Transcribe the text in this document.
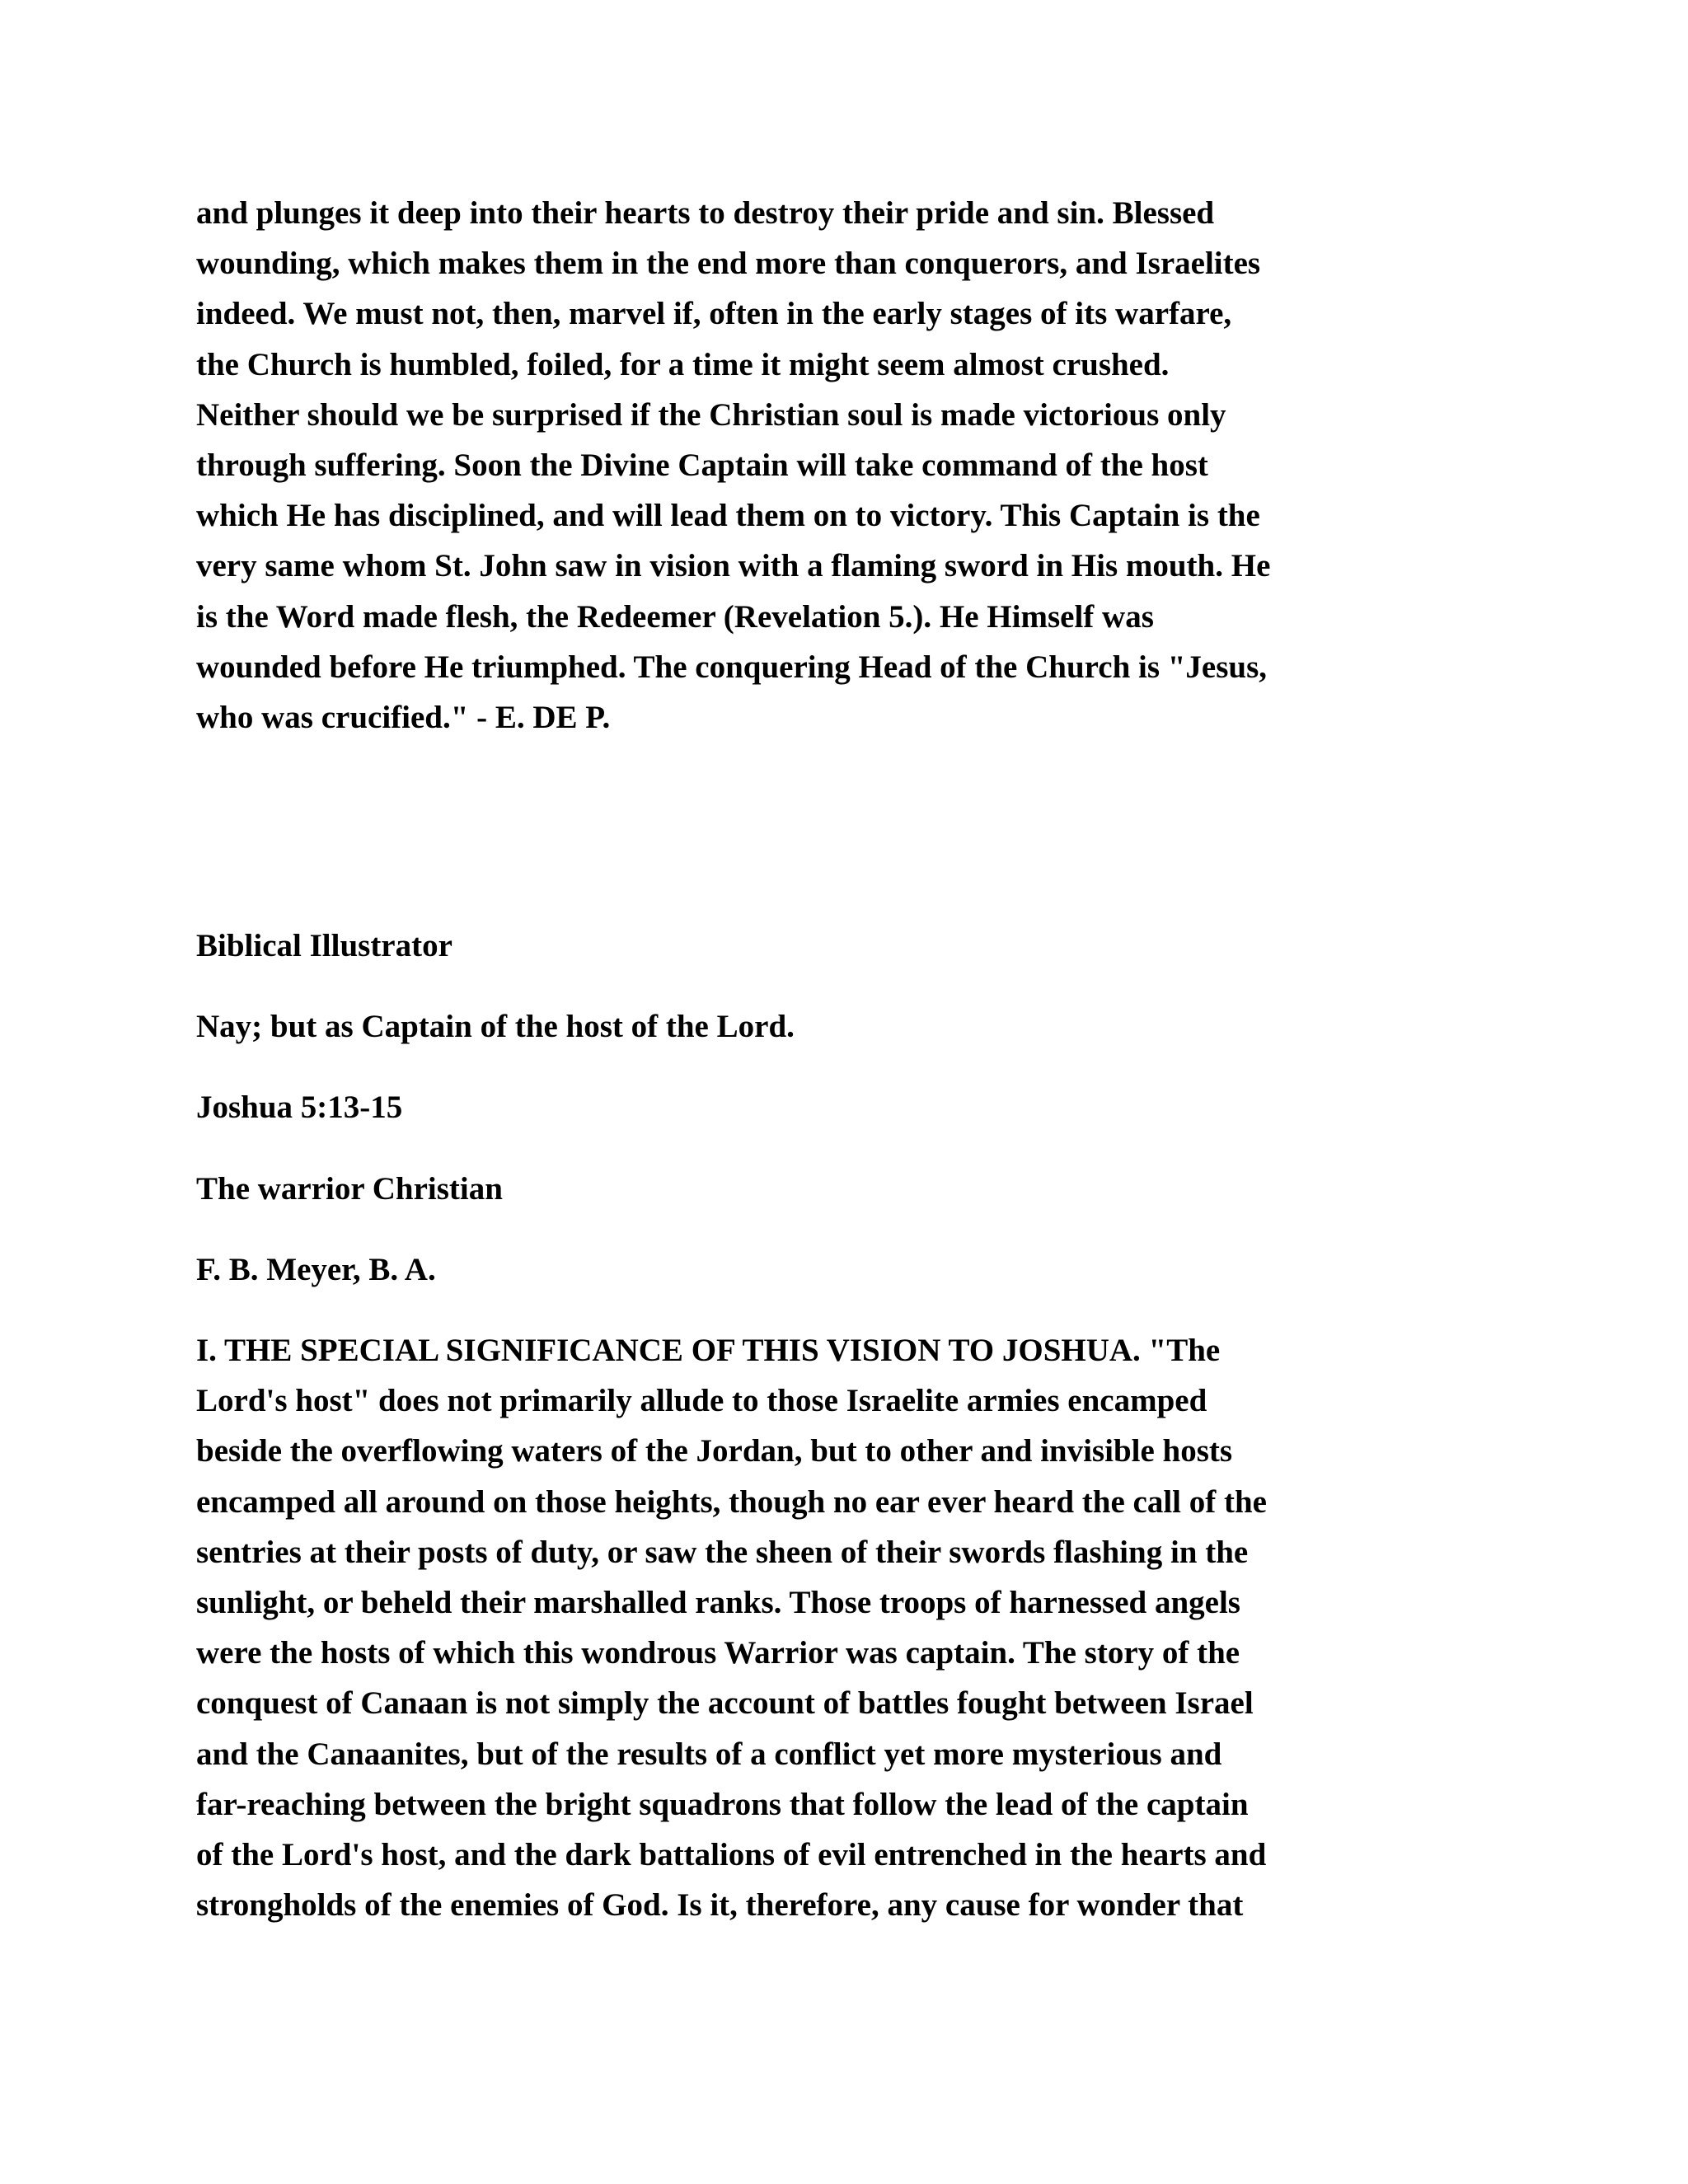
and plunges it deep into their hearts to destroy their pride and sin. Blessed
wounding, which makes them in the end more than conquerors, and Israelites
indeed. We must not, then, marvel if, often in the early stages of its warfare,
the Church is humbled, foiled, for a time it might seem almost crushed.
Neither should we be surprised if the Christian soul is made victorious only
through suffering. Soon the Divine Captain will take command of the host
which He has disciplined, and will lead them on to victory. This Captain is the
very same whom St. John saw in vision with a flaming sword in His mouth. He
is the Word made flesh, the Redeemer (Revelation 5.). He Himself was
wounded before He triumphed. The conquering Head of the Church is "Jesus,
who was crucified." - E. DE P.

Biblical Illustrator

Nay; but as Captain of the host of the Lord.

Joshua 5:13-15

The warrior Christian

F. B. Meyer, B. A.

I. THE SPECIAL SIGNIFICANCE OF THIS VISION TO JOSHUA. "The
Lord's host" does not primarily allude to those Israelite armies encamped
beside the overflowing waters of the Jordan, but to other and invisible hosts
encamped all around on those heights, though no ear ever heard the call of the
sentries at their posts of duty, or saw the sheen of their swords flashing in the
sunlight, or beheld their marshalled ranks. Those troops of harnessed angels
were the hosts of which this wondrous Warrior was captain. The story of the
conquest of Canaan is not simply the account of battles fought between Israel
and the Canaanites, but of the results of a conflict yet more mysterious and
far-reaching between the bright squadrons that follow the lead of the captain
of the Lord's host, and the dark battalions of evil entrenched in the hearts and
strongholds of the enemies of God. Is it, therefore, any cause for wonder that
